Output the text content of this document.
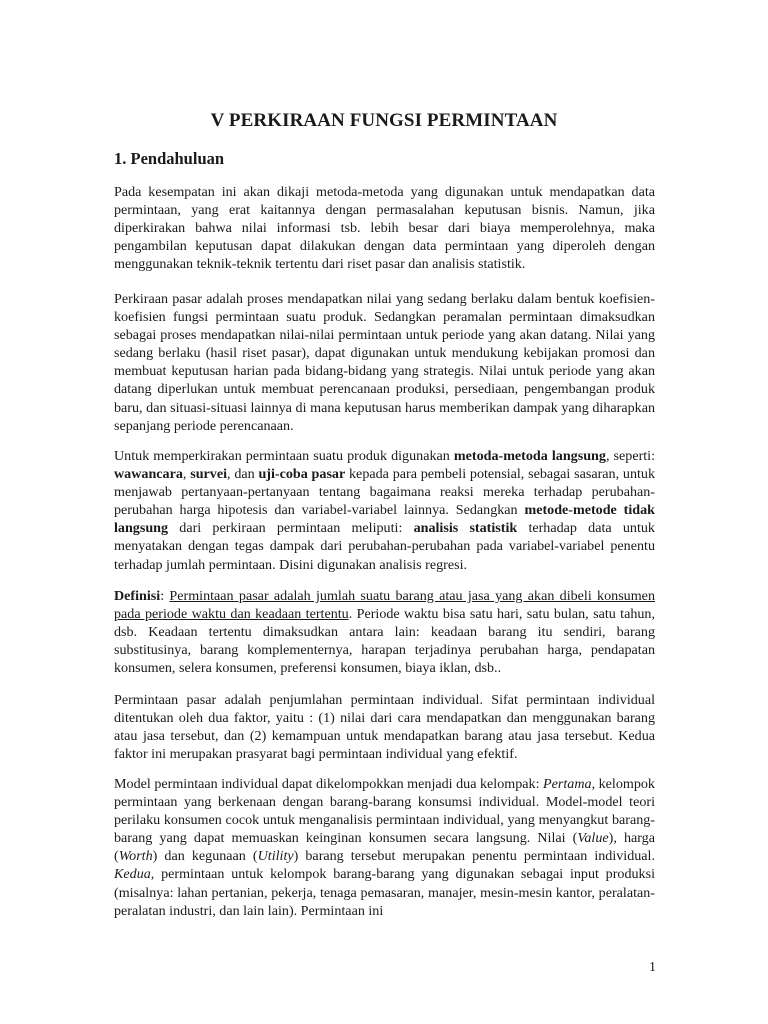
V PERKIRAAN FUNGSI PERMINTAAN
1. Pendahuluan

Pada kesempatan ini akan dikaji metoda-metoda yang digunakan untuk mendapatkan data permintaan, yang erat kaitannya dengan permasalahan keputusan bisnis. Namun, jika diperkirakan bahwa nilai informasi tsb. lebih besar dari biaya memperolehnya, maka pengambilan keputusan dapat dilakukan dengan data permintaan yang diperoleh dengan menggunakan teknik-teknik tertentu dari riset pasar dan analisis statistik.

Perkiraan pasar adalah proses mendapatkan nilai yang sedang berlaku dalam bentuk koefisien-koefisien fungsi permintaan suatu produk. Sedangkan peramalan permintaan dimaksudkan sebagai proses mendapatkan nilai-nilai permintaan untuk periode yang akan datang. Nilai yang sedang berlaku (hasil riset pasar), dapat digunakan untuk mendukung kebijakan promosi dan membuat keputusan harian pada bidang-bidang yang strategis. Nilai untuk periode yang akan datang diperlukan untuk membuat perencanaan produksi, persediaan, pengembangan produk baru, dan situasi-situasi lainnya di mana keputusan harus memberikan dampak yang diharapkan sepanjang periode perencanaan.

Untuk memperkirakan permintaan suatu produk digunakan metoda-metoda langsung, seperti: wawancara, survei, dan uji-coba pasar kepada para pembeli potensial, sebagai sasaran, untuk menjawab pertanyaan-pertanyaan tentang bagaimana reaksi mereka terhadap perubahan-perubahan harga hipotesis dan variabel-variabel lainnya. Sedangkan metode-metode tidak langsung dari perkiraan permintaan meliputi: analisis statistik terhadap data untuk menyatakan dengan tegas dampak dari perubahan-perubahan pada variabel-variabel penentu terhadap jumlah permintaan. Disini digunakan analisis regresi.

Definisi: Permintaan pasar adalah jumlah suatu barang atau jasa yang akan dibeli konsumen pada periode waktu dan keadaan tertentu. Periode waktu bisa satu hari, satu bulan, satu tahun, dsb. Keadaan tertentu dimaksudkan antara lain: keadaan barang itu sendiri, barang substitusinya, barang komplementernya, harapan terjadinya perubahan harga, pendapatan konsumen, selera konsumen, preferensi konsumen, biaya iklan, dsb..

Permintaan pasar adalah penjumlahan permintaan individual. Sifat permintaan individual ditentukan oleh dua faktor, yaitu : (1) nilai dari cara mendapatkan dan menggunakan barang atau jasa tersebut, dan (2) kemampuan untuk mendapatkan barang atau jasa tersebut. Kedua faktor ini merupakan prasyarat bagi permintaan individual yang efektif.

Model permintaan individual dapat dikelompokkan menjadi dua kelompak: Pertama, kelompok permintaan yang berkenaan dengan barang-barang konsumsi individual. Model-model teori perilaku konsumen cocok untuk menganalisis permintaan individual, yang menyangkut barang-barang yang dapat memuaskan keinginan konsumen secara langsung. Nilai (Value), harga (Worth) dan kegunaan (Utility) barang tersebut merupakan penentu permintaan individual. Kedua, permintaan untuk kelompok barang-barang yang digunakan sebagai input produksi (misalnya: lahan pertanian, pekerja, tenaga pemasaran, manajer, mesin-mesin kantor, peralatan-peralatan industri, dan lain lain). Permintaan ini

1
